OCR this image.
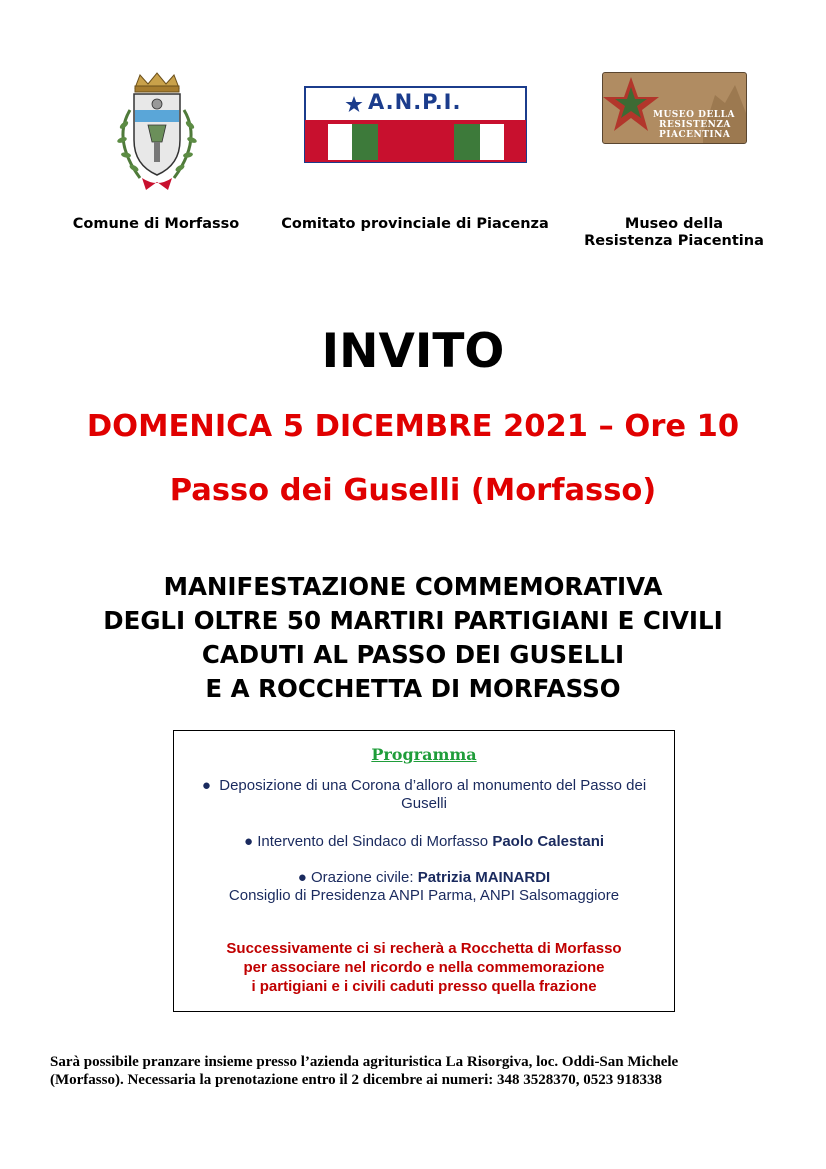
A.N.P.I.
MUSEO DELLA
RESISTENZA
PIACENTINA
Comune di Morfasso	Comitato provinciale di Piacenza	Museo della
Resistenza Piacentina
INVITO
DOMENICA 5 DICEMBRE 2021 – Ore 10
Passo dei Guselli (Morfasso)
MANIFESTAZIONE COMMEMORATIVA
DEGLI OLTRE 50 MARTIRI PARTIGIANI E CIVILI
CADUTI AL PASSO DEI GUSELLI
E A ROCCHETTA DI MORFASSO
Programma
●  Deposizione di una Corona d’alloro al monumento del Passo dei
Guselli
● Intervento del Sindaco di Morfasso Paolo Calestani
● Orazione civile: Patrizia MAINARDI
Consiglio di Presidenza ANPI Parma, ANPI Salsomaggiore
Successivamente ci si recherà a Rocchetta di Morfasso
per associare nel ricordo e nella commemorazione
i partigiani e i civili caduti presso quella frazione
Sarà possibile pranzare insieme presso l’azienda agrituristica La Risorgiva, loc. Oddi-San Michele
(Morfasso). Necessaria la prenotazione entro il 2 dicembre ai numeri: 348 3528370, 0523 918338
